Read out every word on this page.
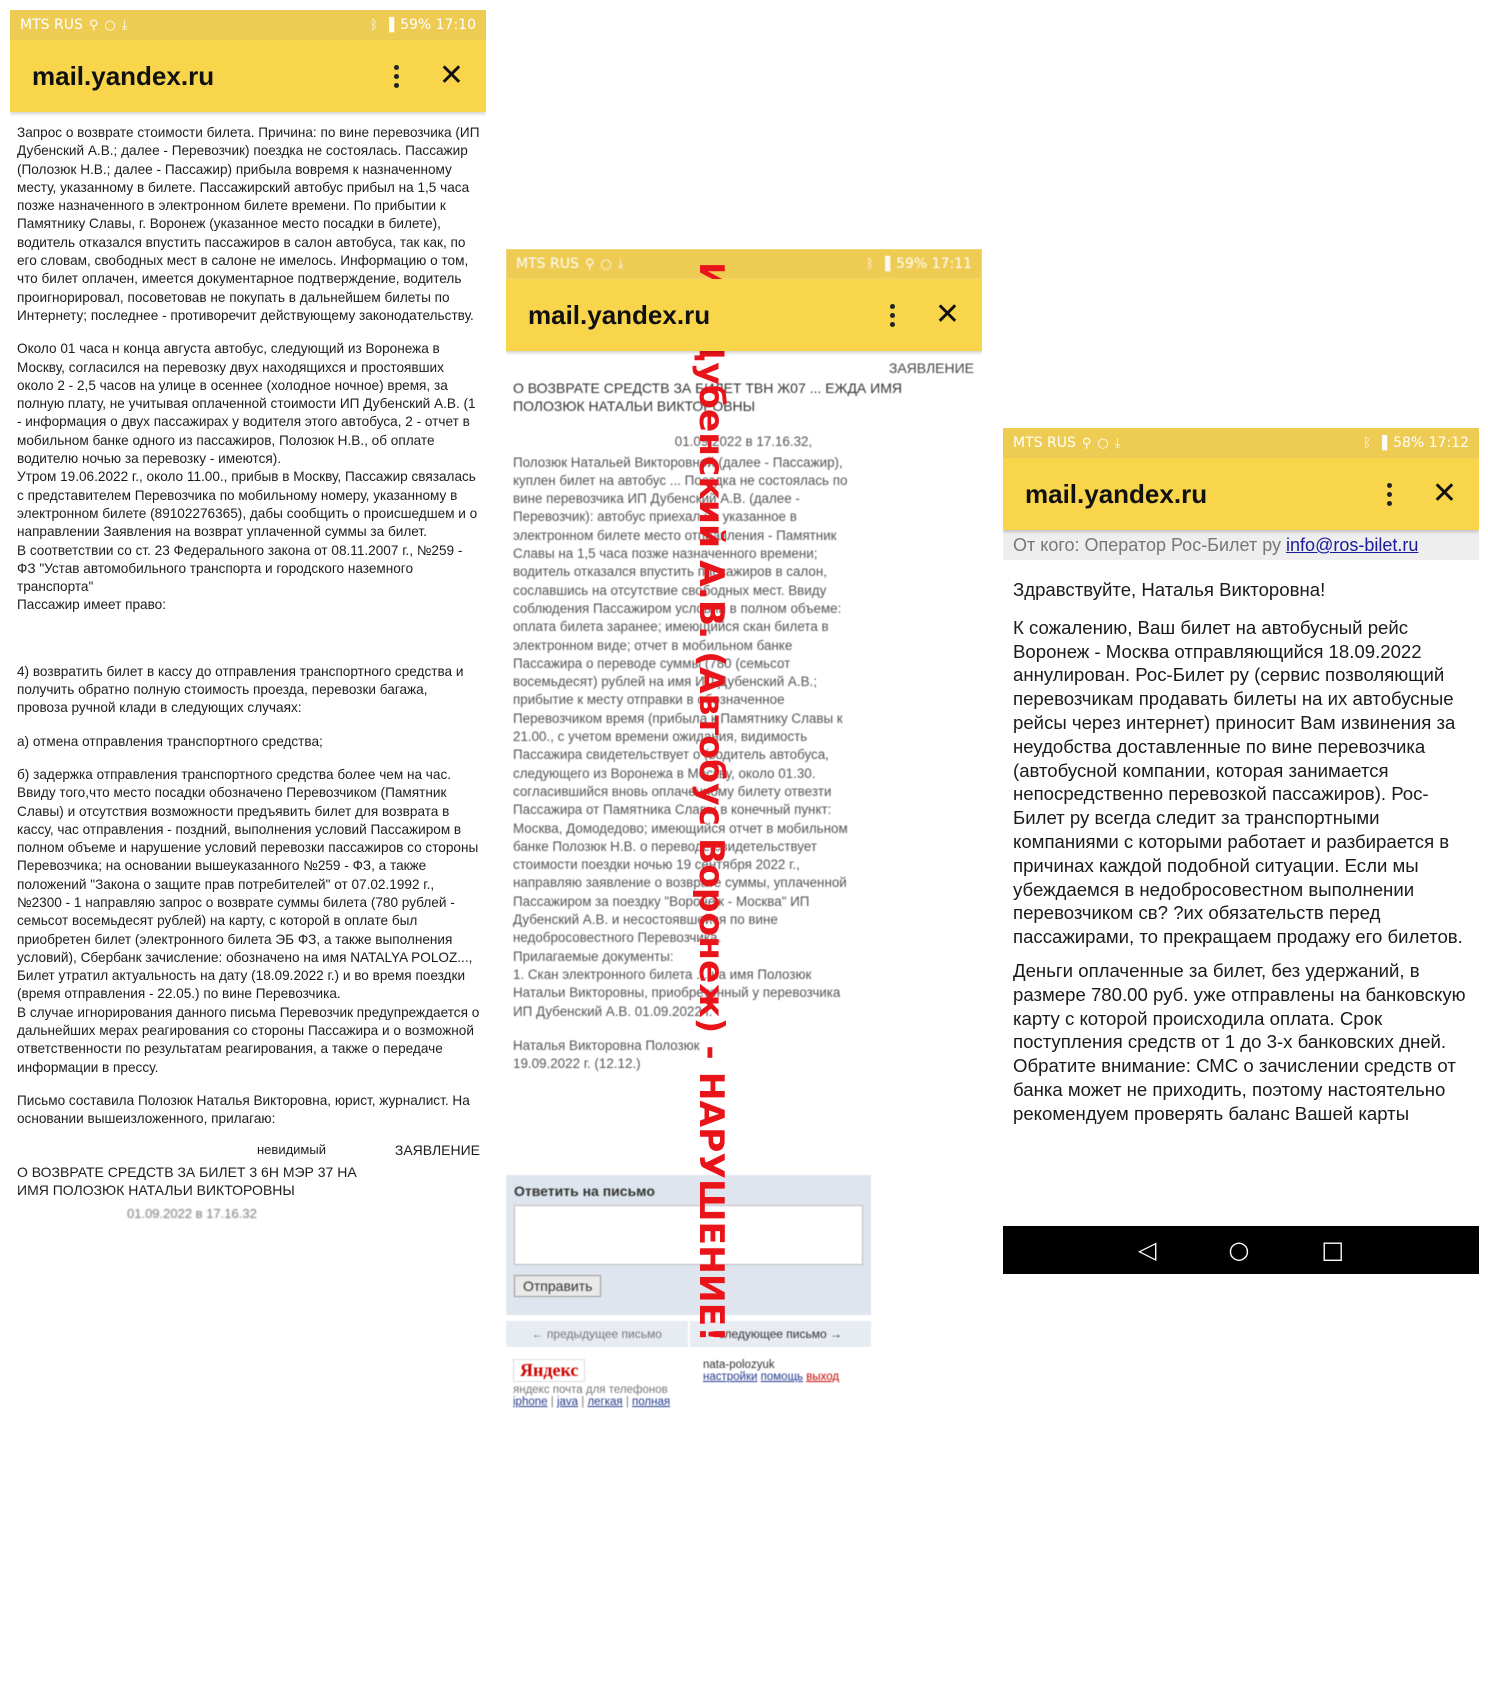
MTS RUS ⚲ ○ ⤓	ᛒ ▐ 59% 17:10
mail.yandex.ru	✕

Запрос о возврате стоимости билета. Причина: по вине перевозчика (ИП Дубенский А.В.; далее - Перевозчик) поездка не состоялась. Пассажир (Полозюк Н.В.; далее - Пассажир) прибыла вовремя к назначенному месту, указанному в билете. Пассажирский автобус прибыл на 1,5 часа позже назначенного в электронном билете времени. По прибытии к Памятнику Славы, г. Воронеж (указанное место посадки в билете), водитель отказался впустить пассажиров в салон автобуса, так как, по его словам, свободных мест в салоне не имелось. Информацию о том, что билет оплачен, имеется документарное подтверждение, водитель проигнорировал, посоветовав не покупать в дальнейшем билеты по Интернету; последнее - противоречит действующему законодательству.

Около 01 часа н конца августа автобус, следующий из Воронежа в Москву, согласился на перевозку двух находящихся и простоявших около 2 - 2,5 часов на улице в осеннее (холодное ночное) время, за полную плату, не учитывая оплаченной стоимости ИП Дубенский А.В. (1 - информация о двух пассажирах у водителя этого автобуса, 2 - отчет в мобильном банке одного из пассажиров, Полозюк Н.В., об оплате водителю ночью за перевозку - имеются).
Утром 19.06.2022 г., около 11.00., прибыв в Москву, Пассажир связалась с представителем Перевозчика по мобильному номеру, указанному в электронном билете (89102276365), дабы сообщить о происшедшем и о направлении Заявления на возврат уплаченной суммы за билет.
В соответствии со ст. 23 Федерального закона от 08.11.2007 г., №259 - ФЗ "Устав автомобильного транспорта и городского наземного транспорта"
Пассажир имеет право:

4) возвратить билет в кассу до отправления транспортного средства и получить обратно полную стоимость проезда, перевозки багажа, провоза ручной клади в следующих случаях:

а) отмена отправления транспортного средства;

б) задержка отправления транспортного средства более чем на час.
Ввиду того,что место посадки обозначено Перевозчиком (Памятник Славы) и отсутствия возможности предъявить билет для возврата в кассу, час отправления - поздний, выполнения условий Пассажиром в полном объеме и нарушение условий перевозки пассажиров со стороны Перевозчика; на основании вышеуказанного №259 - ФЗ, а также положений "Закона о защите прав потребителей" от 07.02.1992 г., №2300 - 1 направляю запрос о возврате суммы билета (780 рублей - семьсот восемьдесят рублей) на карту, с которой в оплате был приобретен билет (электронного билета ЭБ ФЗ, а также выполнения условий), Сбербанк зачисление: обозначено на имя NATALYA POLOZ..., Билет утратил актуальность на дату (18.09.2022 г.) и во время поездки (время отправления - 22.05.) по вине Перевозчика.
В случае игнорирования данного письма Перевозчик предупреждается о дальнейших мерах реагирования со стороны Пассажира и о возможной ответственности по результатам реагирования, а также о передаче информации в прессу.

Письмо составила Полозюк Наталья Викторовна, юрист, журналист. На основании вышеизложенного, прилагаю:

невидимый	ЗАЯВЛЕНИЕ
О ВОЗВРАТЕ СРЕДСТВ ЗА БИЛЕТ 3 6Н МЭР 37 НА ИМЯ ПОЛОЗЮК НАТАЛЬИ ВИКТОРОВНЫ
01.09.2022 в 17.16.32
MTS RUS ⚲ ○ ⤓	ᛒ ▐ 59% 17:11
mail.yandex.ru	✕
ЗАЯВЛЕНИЕ
О ВОЗВРАТЕ СРЕДСТВ ЗА БИЛЕТ ТВН Ж07 ... ЕЖДА ИМЯ ПОЛОЗЮК НАТАЛЬИ ВИКТОРОВНЫ
01.09.2022 в 17.16.32,
Полозюк Натальей Викторовной (далее - Пассажир), куплен билет на автобус ... Поездка не состоялась по вине перевозчика ИП Дубенский А.В. (далее - Перевозчик): автобус приехал на указанное в электронном билете место отправления - Памятник Славы на 1,5 часа позже назначенного времени; водитель отказался впустить пассажиров в салон, сославшись на отсутствие свободных мест. Ввиду соблюдения Пассажиром условий в полном объеме: оплата билета заранее; имеющийся скан билета в электронном виде; отчет в мобильном банке Пассажира о переводе суммы (780 (семьсот восемьдесят) рублей на имя ИП Дубенский А.В.; прибытие к месту отправки в обозначенное Перевозчиком время (прибыла к Памятнику Славы к 21.00., с учетом времени ожидания, видимость Пассажира свидетельствует о (водитель автобуса, следующего из Воронежа в Москву, около 01.30. согласившийся вновь оплаченному билету отвезти Пассажира от Памятника Славы в конечный пункт: Москва, Домодедово; имеющийся отчет в мобильном банке Полозюк Н.В. о переводе свидетельствует стоимости поездки ночью 19 сентября 2022 г., направляю заявление о возврате суммы, уплаченной Пассажиром за поездку "Воронеж - Москва" ИП Дубенский А.В. и несостоявшейся по вине недобросовестного Перевозчика.
Прилагаемые документы:
1. Скан электронного билета ... на имя Полозюк Натальи Викторовны, приобретенный у перевозчика ИП Дубенский А.В. 01.09.2022 г.
Наталья Викторовна Полозюк
19.09.2022 г. (12.12.)
Ответить на письмо
Отправить
← предыдущее письмо	следующее письмо →
Яндекс
яндекс почта для телефонов
iphone | java | легкая | полная
nata-polozyuk
настройки помощь выход
ИП Дубенский А.В. (Автобус Воронеж) - НАРУШЕНИЕ!	MTS RUS ⚲ ○ ⤓	ᛒ ▐ 58% 17:12
mail.yandex.ru	✕
От кого: Оператор Рос-Билет ру info@ros-bilet.ru

Здравствуйте, Наталья Викторовна!

К сожалению, Ваш билет на автобусный рейс Воронеж - Москва отправляющийся 18.09.2022 аннулирован. Рос-Билет ру (сервис позволяющий перевозчикам продавать билеты на их автобусные рейсы через интернет) приносит Вам извинения за неудобства доставленные по вине перевозчика (автобусной компании, которая занимается непосредственно перевозкой пассажиров). Рос-Билет ру всегда следит за транспортными компаниями с которыми работает и разбирается в причинах каждой подобной ситуации. Если мы убеждаемся в недобросовестном выполнении перевозчиком св? ?их обязательств перед пассажирами, то прекращаем продажу его билетов.

Деньги оплаченные за билет, без удержаний, в размере 780.00 руб. уже отправлены на банковскую карту с которой происходила оплата. Срок поступления средств от 1 до 3-х банковских дней. Обратите внимание: СМС о зачислении средств от банка может не приходить, поэтому настоятельно рекомендуем проверять баланс Вашей карты

◁	○	□
